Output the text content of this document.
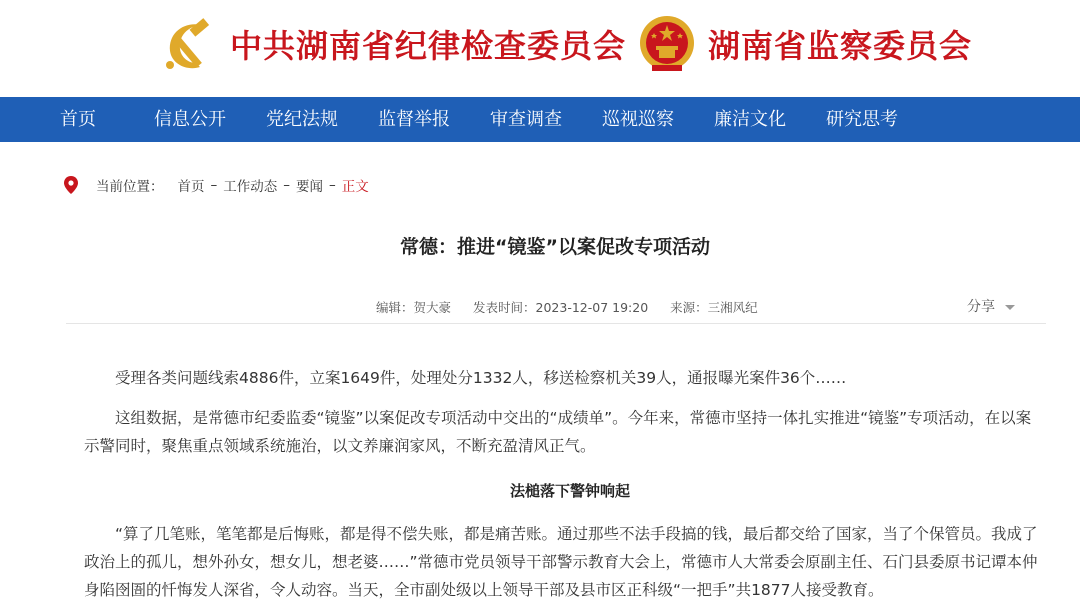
中共湖南省纪律检查委员会	湖南省监察委员会
首页	信息公开 党纪法规 监督举报 审查调查 巡视巡察 廉洁文化 研究思考
当前位置： 首页 – 工作动态 – 要闻 – 正文
常德：推进“镜鉴”以案促改专项活动
编辑：贺大豪 发表时间：2023-12-07 19:20 来源：三湘风纪	分享

受理各类问题线索4886件，立案1649件，处理处分1332人，移送检察机关39人，通报曝光案件36个……

这组数据，是常德市纪委监委“镜鉴”以案促改专项活动中交出的“成绩单”。今年来，常德市坚持一体扎实推进“镜鉴”专项活动，在以案示警同时，聚焦重点领域系统施治，以文养廉润家风，不断充盈清风正气。

法槌落下警钟响起

“算了几笔账，笔笔都是后悔账，都是得不偿失账，都是痛苦账。通过那些不法手段搞的钱，最后都交给了国家，当了个保管员。我成了政治上的孤儿，想外孙女，想女儿，想老婆……”常德市党员领导干部警示教育大会上，常德市人大常委会原副主任、石门县委原书记谭本仲身陷囹圄的忏悔发人深省，令人动容。当天，全市副处级以上领导干部及县市区正科级“一把手”共1877人接受教育。
